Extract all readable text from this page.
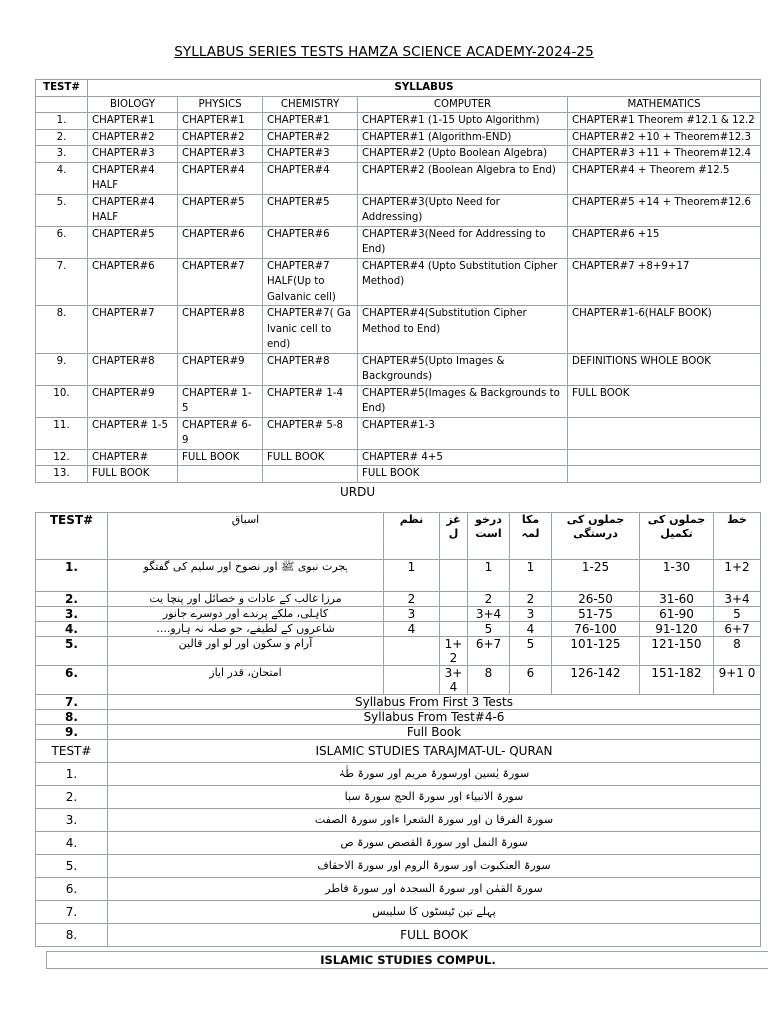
SYLLABUS SERIES TESTS HAMZA SCIENCE ACADEMY-2024-25
TEST#	SYLLABUS				
	BIOLOGY	PHYSICS	CHEMISTRY	COMPUTER	MATHEMATICS
1.	CHAPTER#1	CHAPTER#1	CHAPTER#1	CHAPTER#1 (1-15 Upto Algorithm)	CHAPTER#1 Theorem #12.1 & 12.2
2.	CHAPTER#2	CHAPTER#2	CHAPTER#2	CHAPTER#1 (Algorithm-END)	CHAPTER#2 +10 + Theorem#12.3
3.	CHAPTER#3	CHAPTER#3	CHAPTER#3	CHAPTER#2 (Upto Boolean Algebra)	CHAPTER#3 +11 + Theorem#12.4
4.	CHAPTER#4 HALF	CHAPTER#4	CHAPTER#4	CHAPTER#2 (Boolean Algebra to End)	CHAPTER#4 + Theorem #12.5
5.	CHAPTER#4 HALF	CHAPTER#5	CHAPTER#5	CHAPTER#3(Upto Need for Addressing)	CHAPTER#5 +14 + Theorem#12.6
6.	CHAPTER#5	CHAPTER#6	CHAPTER#6	CHAPTER#3(Need for Addressing to End)	CHAPTER#6 +15
7.	CHAPTER#6	CHAPTER#7	CHAPTER#7 HALF(Up to Galvanic cell)	CHAPTER#4 (Upto Substitution Cipher Method)	CHAPTER#7 +8+9+17
8.	CHAPTER#7	CHAPTER#8	CHAPTER#7( Ga lvanic cell to end)	CHAPTER#4(Substitution Cipher Method to End)	CHAPTER#1-6(HALF BOOK)
9.	CHAPTER#8	CHAPTER#9	CHAPTER#8	CHAPTER#5(Upto Images & Backgrounds)	DEFINITIONS WHOLE BOOK
10.	CHAPTER#9	CHAPTER# 1-5	CHAPTER# 1-4	CHAPTER#5(Images & Backgrounds to End)	FULL BOOK
11.	CHAPTER# 1-5	CHAPTER# 6-9	CHAPTER# 5-8	CHAPTER#1-3	
12.	CHAPTER#	FULL BOOK	FULL BOOK	CHAPTER# 4+5	
13.	FULL BOOK			FULL BOOK	
URDU
TEST#	اسباق	نظم	غز ل	درخو است	مکا لمہ	جملوں کی درستگی	جملوں کی تکمیل	خط
1.	ہجرت نبوی ﷺ اور نصوح اور سلیم کی گفتگو	1		1	1	1-25	1-30	1+2
2.	مرزا غالب کے عادات و خصائل اور پنچا یت	2		2	2	26-50	31-60	3+4
3.	کاہلی، ملکے پرندے اور دوسرے جانور	3		3+4	3	51-75	61-90	5
4.	شاعروں کے لطیفے، حو صلہ نہ ہارو....	4		5	4	76-100	91-120	6+7
5.	آرام و سکون اور لو اور قالین		1+ 2	6+7	5	101-125	121-150	8
6.	امتحان، قدر ایاز		3+ 4	8	6	126-142	151-182	9+1 0
7.	Syllabus From First 3 Tests							
8.	Syllabus From Test#4-6							
9.	Full Book							
TEST#	ISLAMIC STUDIES TARAJMAT-UL- QURAN
1.	سورۃ یٰسین اورسورۃ مریم اور سورۃ طٰہٰ
2.	سورۃ الانبیاء اور سورۃ الحج سورۃ سبا
3.	سورۃ الفرقا ن اور سورۃ الشعرا ءاور سورۃ الصفت
4.	سورۃ النمل اور سورۃ القصص سورۃ ص
5.	سورۃ العنکبوت اور سورۃ الروم اور سورۃ الاحقاف
6.	سورۃ القمٰن اور سورۃ السجدہ اور سورۃ فاطر
7.	پہلے تین ٹیسٹوں کا سلیبس
8.	FULL BOOK
ISLAMIC STUDIES COMPUL.
